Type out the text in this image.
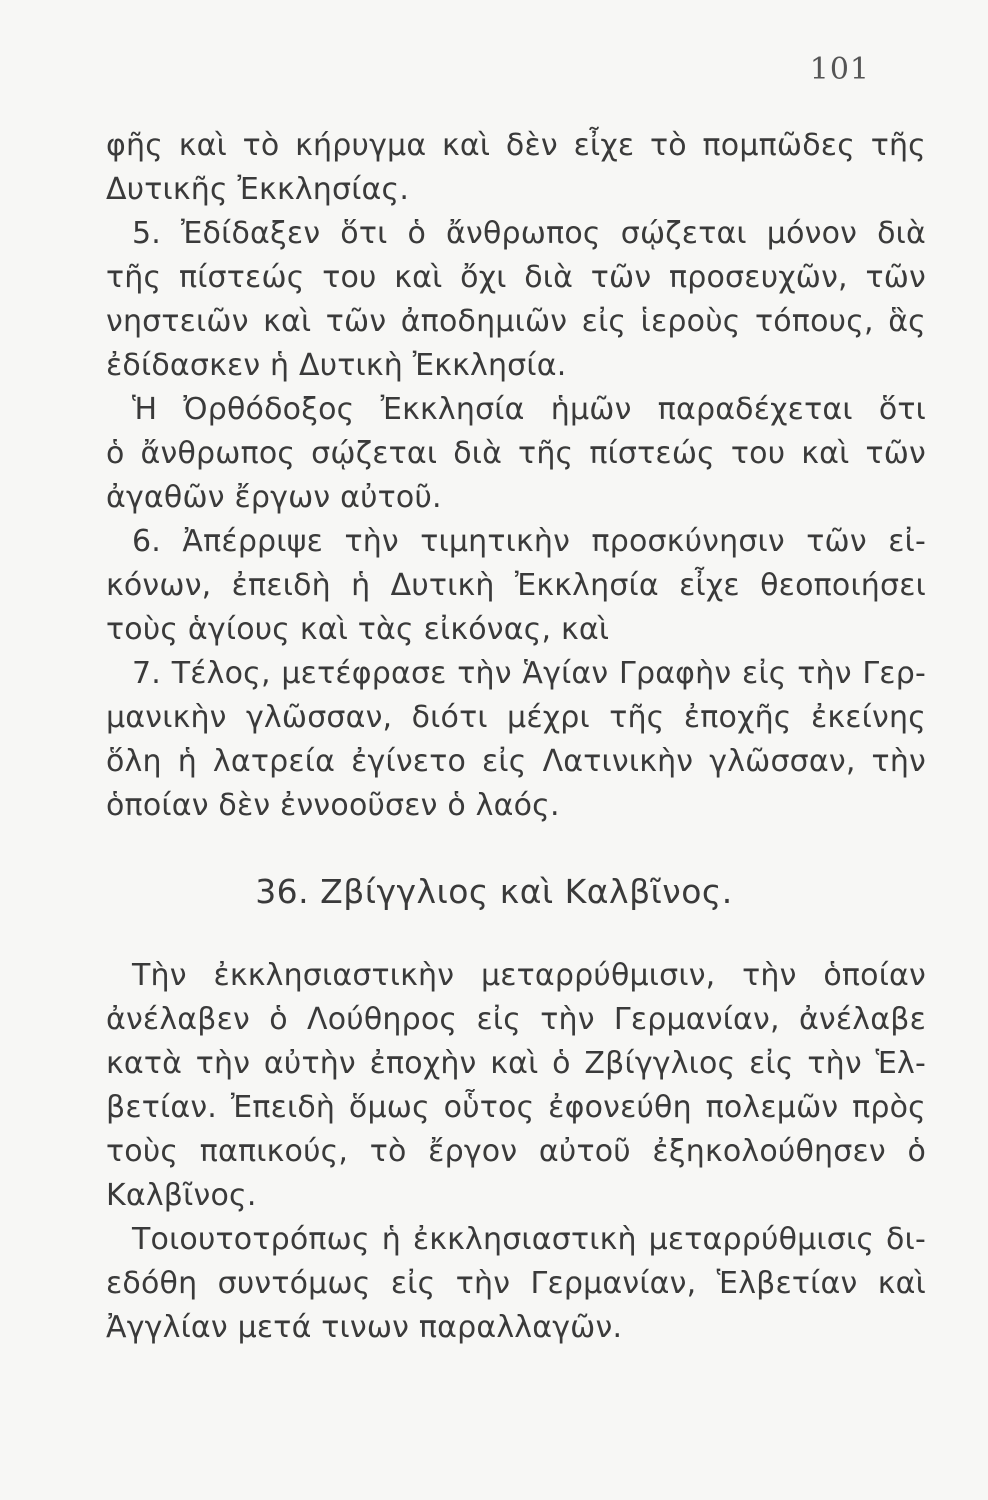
101
φῆς καὶ τὸ κήρυγμα καὶ δὲν εἶχε τὸ πομπῶδες τῆς
Δυτικῆς Ἐκκλησίας.
5. Ἐδίδαξεν ὅτι ὁ ἄνθρωπος σῴζεται μόνον διὰ
τῆς πίστεώς του καὶ ὄχι διὰ τῶν προσευχῶν, τῶν
νηστειῶν καὶ τῶν ἀποδημιῶν εἰς ἱεροὺς τόπους, ἃς
ἐδίδασκεν ἡ Δυτικὴ Ἐκκλησία.
Ἡ Ὀρθόδοξος Ἐκκλησία ἡμῶν παραδέχεται ὅτι
ὁ ἄνθρωπος σῴζεται διὰ τῆς πίστεώς του καὶ τῶν
ἀγαθῶν ἔργων αὐτοῦ.
6. Ἀπέρριψε τὴν τιμητικὴν προσκύνησιν τῶν εἰ-
κόνων, ἐπειδὴ ἡ Δυτικὴ Ἐκκλησία εἶχε θεοποιήσει
τοὺς ἁγίους καὶ τὰς εἰκόνας, καὶ
7. Τέλος, μετέφρασε τὴν Ἁγίαν Γραφὴν εἰς τὴν Γερ-
μανικὴν γλῶσσαν, διότι μέχρι τῆς ἐποχῆς ἐκείνης
ὅλη ἡ λατρεία ἐγίνετο εἰς Λατινικὴν γλῶσσαν, τὴν
ὁποίαν δὲν ἐννοοῦσεν ὁ λαός.
36. Ζβίγγλιος καὶ Καλβῖνος.
Τὴν ἐκκλησιαστικὴν μεταρρύθμισιν, τὴν ὁποίαν
ἀνέλαβεν ὁ Λούθηρος εἰς τὴν Γερμανίαν, ἀνέλαβε
κατὰ τὴν αὐτὴν ἐποχὴν καὶ ὁ Ζβίγγλιος εἰς τὴν Ἑλ-
βετίαν. Ἐπειδὴ ὅμως οὗτος ἐφονεύθη πολεμῶν πρὸς
τοὺς παπικούς, τὸ ἔργον αὐτοῦ ἐξηκολούθησεν ὁ
Καλβῖνος.
Τοιουτοτρόπως ἡ ἐκκλησιαστικὴ μεταρρύθμισις δι-
εδόθη συντόμως εἰς τὴν Γερμανίαν, Ἑλβετίαν καὶ
Ἀγγλίαν μετά τινων παραλλαγῶν.
